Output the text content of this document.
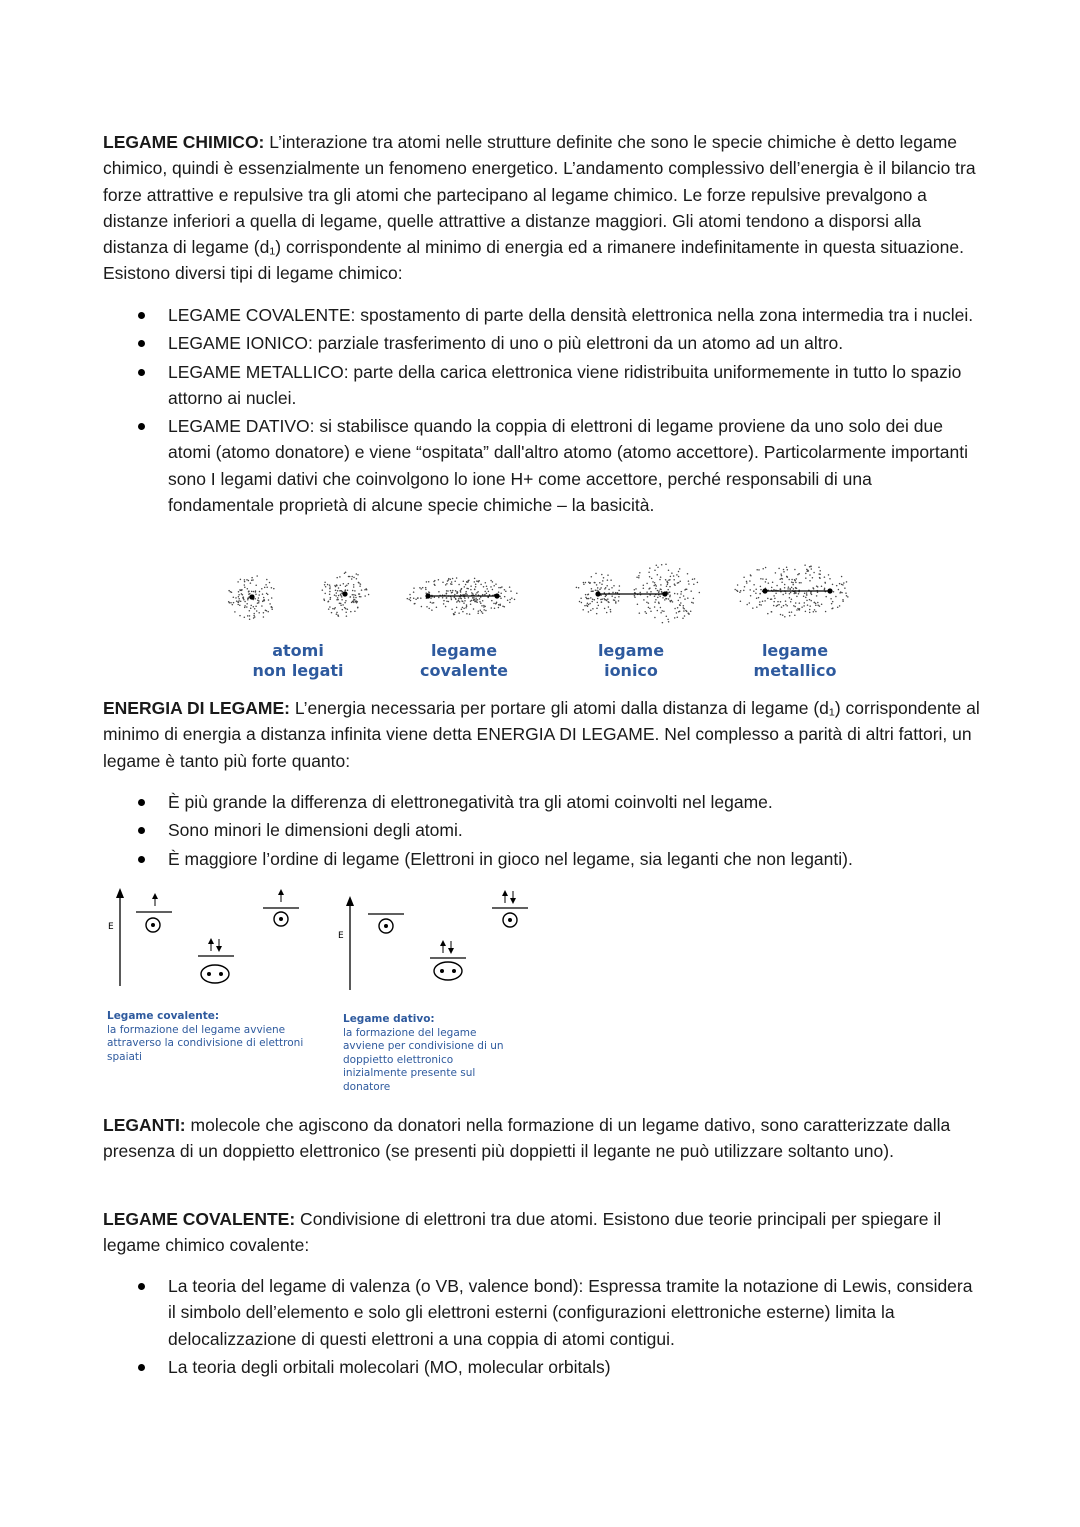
LEGAME CHIMICO: L’interazione tra atomi nelle strutture definite che sono le specie chimiche è detto legame chimico, quindi è essenzialmente un fenomeno energetico. L’andamento complessivo dell’energia è il bilancio tra forze attrattive e repulsive tra gli atomi che partecipano al legame chimico. Le forze repulsive prevalgono a distanze inferiori a quella di legame, quelle attrattive a distanze maggiori. Gli atomi tendono a disporsi alla distanza di legame (d₁) corrispondente al minimo di energia ed a rimanere indefinitamente in questa situazione. Esistono diversi tipi di legame chimico:

LEGAME COVALENTE: spostamento di parte della densità elettronica nella zona intermedia tra i nuclei.
LEGAME IONICO: parziale trasferimento di uno o più elettroni da un atomo ad un altro.
LEGAME METALLICO: parte della carica elettronica viene ridistribuita uniformemente in tutto lo spazio attorno ai nuclei.
LEGAME DATIVO: si stabilisce quando la coppia di elettroni di legame proviene da uno solo dei due atomi (atomo donatore) e viene “ospitata” dall'altro atomo (atomo accettore). Particolarmente importanti sono I legami dativi che coinvolgono lo ione H+ come accettore, perché responsabili di una fondamentale proprietà di alcune specie chimiche – la basicità.
atomi
non legati
legame
covalente
legame
ionico
legame
metallico

ENERGIA DI LEGAME: L’energia necessaria per portare gli atomi dalla distanza di legame (d₁) corrispondente al minimo di energia a distanza infinita viene detta ENERGIA DI LEGAME. Nel complesso a parità di altri fattori, un legame è tanto più forte quanto:

È più grande la differenza di elettronegatività tra gli atomi coinvolti nel legame.
Sono minori le dimensioni degli atomi.
È maggiore l’ordine di legame (Elettroni in gioco nel legame, sia leganti che non leganti).
E
E
Legame covalente:
la formazione del legame avviene
attraverso la condivisione di elettroni
spaiati
Legame dativo:
la formazione del legame
avviene per condivisione di un
doppietto elettronico
inizialmente presente sul
donatore

LEGANTI: molecole che agiscono da donatori nella formazione di un legame dativo, sono caratterizzate dalla presenza di un doppietto elettronico (se presenti più doppietti il legante ne può utilizzare soltanto uno).

LEGAME COVALENTE: Condivisione di elettroni tra due atomi. Esistono due teorie principali per spiegare il legame chimico covalente:

La teoria del legame di valenza (o VB, valence bond): Espressa tramite la notazione di Lewis, considera il simbolo dell’elemento e solo gli elettroni esterni (configurazioni elettroniche esterne) limita la delocalizzazione di questi elettroni a una coppia di atomi contigui.
La teoria degli orbitali molecolari (MO, molecular orbitals)
